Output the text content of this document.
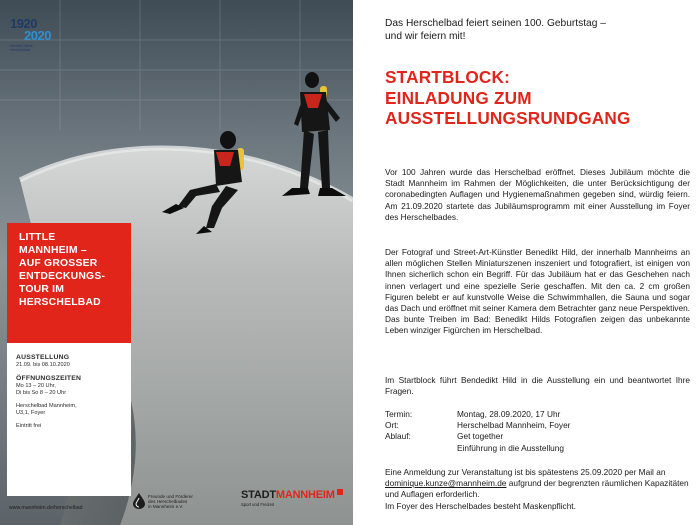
1920
2020
Hundert Jahre
Herschelbad
LITTLE
MANNHEIM –
AUF GROSSER
ENTDECKUNGS-
TOUR IM
HERSCHELBAD
AUSSTELLUNG
21.09. bis 08.10.2020
ÖFFNUNGSZEITEN
Mo 13 – 20 Uhr,
Di bis So 8 – 20 Uhr
Herschelbad Mannheim,
U3,1, Foyer
Eintritt frei
www.mannheim.de/herschelbad
Freunde und Förderer
des Herschelbades
in Mannheim e.V.
STADTMANNHEIM
Sport und Freizeit
Das Herschelbad feiert seinen 100. Geburtstag –
und wir feiern mit!
STARTBLOCK:
EINLADUNG ZUM
AUSSTELLUNGSRUNDGANG
Vor 100 Jahren wurde das Herschelbad eröffnet. Dieses Jubiläum möchte die Stadt Mannheim im Rahmen der Möglichkeiten, die unter Berücksichtigung der coronabedingten Auflagen und Hygienemaßnahmen gegeben sind, würdig feiern. Am 21.09.2020 startete das Jubiläumsprogramm mit einer Ausstellung im Foyer des Herschelbades.
Der Fotograf und Street-Art-Künstler Benedikt Hild, der innerhalb Mannheims an allen möglichen Stellen Miniaturszenen inszeniert und fotografiert, ist einigen von Ihnen sicherlich schon ein Begriff. Für das Jubiläum hat er das Geschehen nach innen verlagert und eine spezielle Serie geschaffen. Mit den ca. 2 cm großen Figuren belebt er auf kunstvolle Weise die Schwimmhallen, die Sauna und sogar das Dach und eröffnet mit seiner Kamera dem Betrachter ganz neue Perspektiven. Das bunte Treiben im Bad: Benedikt Hilds Fotografien zeigen das unbekannte Leben winziger Figürchen im Herschelbad.
Im Startblock führt Bendedikt Hild in die Ausstellung ein und beantwortet Ihre Fragen.
Termin:	Montag, 28.09.2020, 17 Uhr
Ort:	Herschelbad Mannheim, Foyer
Ablauf:	Get together
Einführung in die Ausstellung
Eine Anmeldung zur Veranstaltung ist bis spätestens 25.09.2020 per Mail an dominique.kunze@mannheim.de aufgrund der begrenzten räumlichen Kapazitäten und Auflagen erforderlich.
Im Foyer des Herschelbades besteht Maskenpflicht.
